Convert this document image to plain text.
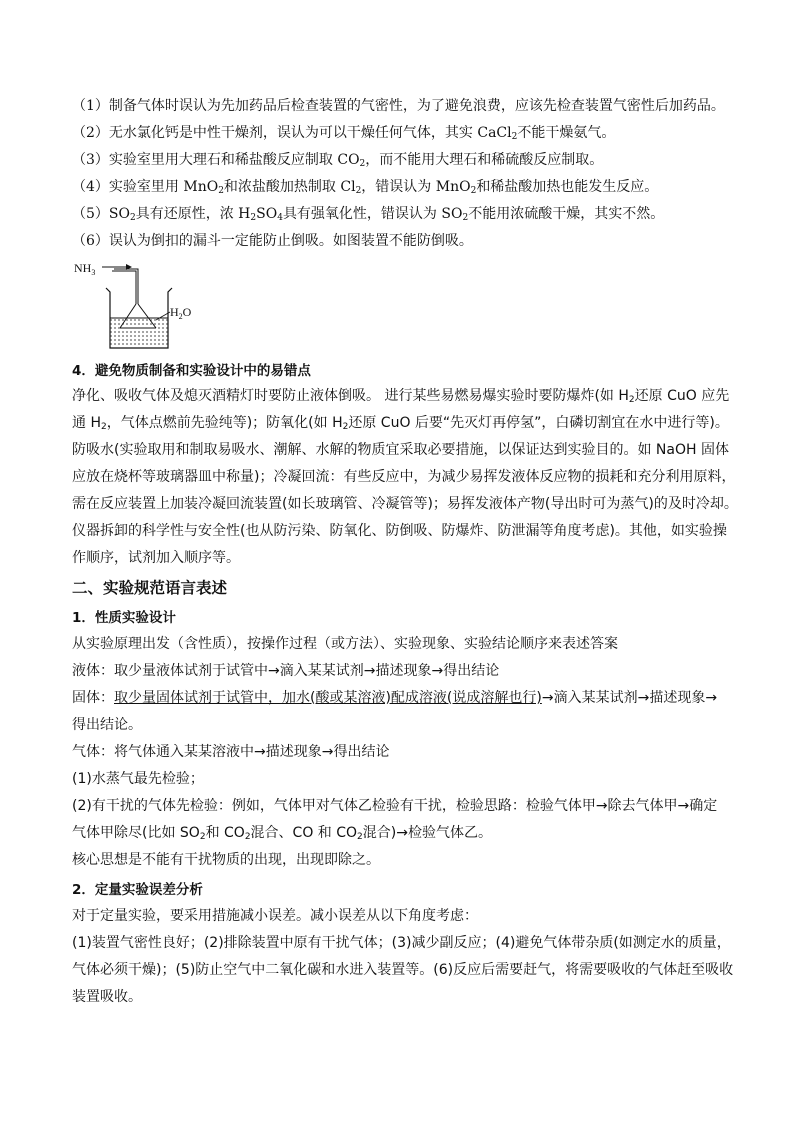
（1）制备气体时误认为先加药品后检查装置的气密性，为了避免浪费，应该先检查装置气密性后加药品。
（2）无水氯化钙是中性干燥剂，误认为可以干燥任何气体，其实 CaCl$_2$不能干燥氨气。
（3）实验室里用大理石和稀盐酸反应制取 $CO_2$，而不能用大理石和稀硫酸反应制取。
（4）实验室里用 MnO$_2$和浓盐酸加热制取 $Cl_2$，错误认为 MnO$_2$和稀盐酸加热也能发生反应。
$(5)SO_2$具有还原性，浓 $H_2SO_4$具有强氧化性，错误认为 $SO_2$不能用浓硫酸干燥，其实不然。
（6）误认为倒扣的漏斗一定能防止倒吸。如图装置不能防倒吸。
$NH_3$
$H_2O$
4．避免物质制备和实验设计中的易错点
净化、吸收气体及熄灭酒精灯时要防止液体倒吸。 进行某些易燃易爆实验时要防爆炸(如 $H_2$还原 CuO 应先
通 $H_2$，气体点燃前先验纯等)；防氧化(如 $H_2$还原 CuO 后要“先灭灯再停氢”，白磷切割宜在水中进行等)。
防吸水(实验取用和制取易吸水、潮解、水解的物质宜采取必要措施，以保证达到实验目的。如 NaOH 固体
应放在烧杯等玻璃器皿中称量)；冷凝回流：有些反应中，为减少易挥发液体反应物的损耗和充分利用原料，
需在反应装置上加装冷凝回流装置(如长玻璃管、冷凝管等)；易挥发液体产物(导出时可为蒸气)的及时冷却。
仪器拆卸的科学性与安全性(也从防污染、防氧化、防倒吸、防爆炸、防泄漏等角度考虑)。其他，如实验操
作顺序，试剂加入顺序等。
二、实验规范语言表述
1．性质实验设计
从实验原理出发（含性质），按操作过程（或方法）、实验现象、实验结论顺序来表述答案
液体：取少量液体试剂于试管中→滴入某某试剂→描述现象→得出结论
固体：取少量固体试剂于试管中，加水(酸或某溶液)配成溶液(说成溶解也行)→滴入某某试剂→描述现象→
得出结论。
气体：将气体通入某某溶液中→描述现象→得出结论
(1)水蒸气最先检验；
(2)有干扰的气体先检验：例如，气体甲对气体乙检验有干扰，检验思路：检验气体甲→除去气体甲→确定
气体甲除尽(比如 $SO_2$和 $CO_2$混合、CO 和 $CO_2$混合)→检验气体乙。
核心思想是不能有干扰物质的出现，出现即除之。
2．定量实验误差分析
对于定量实验，要采用措施减小误差。减小误差从以下角度考虑：
(1)装置气密性良好；(2)排除装置中原有干扰气体；(3)减少副反应；(4)避免气体带杂质(如测定水的质量，
气体必须干燥)；(5)防止空气中二氧化碳和水进入装置等。(6)反应后需要赶气，将需要吸收的气体赶至吸收
装置吸收。
